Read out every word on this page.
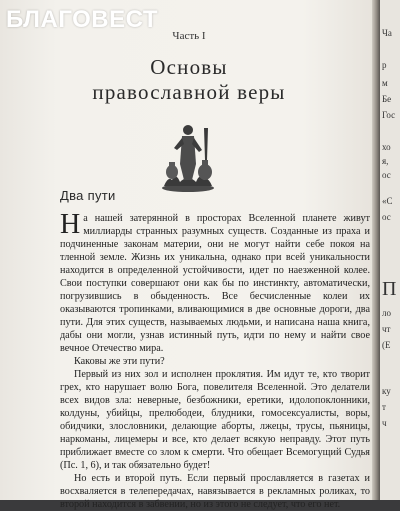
Часть I
Основы
православной веры
Два пути

На нашей затерянной в просторах Вселенной планете живут миллиарды странных разумных существ. Созданные из праха и подчиненные законам материи, они не могут найти себе покоя на тленной земле. Жизнь их уникальна, однако при всей уникальности находится в определенной устойчивости, идет по наезженной колее. Свои поступки совершают они как бы по инстинкту, автоматически, погрузившись в обыденность. Все бесчисленные колеи их оказываются тропинками, вливающимися в две основные дороги, два пути. Для этих существ, называемых людьми, и написана наша книга, дабы они могли, узнав истинный путь, идти по нему и найти свое вечное Отечество мира.

Каковы же эти пути?

Первый из них зол и исполнен проклятия. Им идут те, кто творит грех, кто нарушает волю Бога, повелителя Вселенной. Это делатели всех видов зла: неверные, безбожники, еретики, идолопоклонники, колдуны, убийцы, прелюбодеи, блудники, гомосексуалисты, воры, обидчики, злословники, делающие аборты, лжецы, трусы, пьяницы, наркоманы, лицемеры и все, кто делает всякую неправду. Этот путь приближает вместе со злом к смерти. Что обещает Всемогущий Судья (Пс. 1, 6), и так обязательно будет!

Но есть и второй путь. Если первый прославляется в газетах и восхваляется в телепередачах, навязывается в рекламных роликах, то второй находится в забвении, но из этого не следует, что его нет.

Ча
р
м
Бе
Гос
хо
я,
ос
«С
ос
П
ло
чт
(Е
ку
т
ч
БЛАГОВЕСТ
